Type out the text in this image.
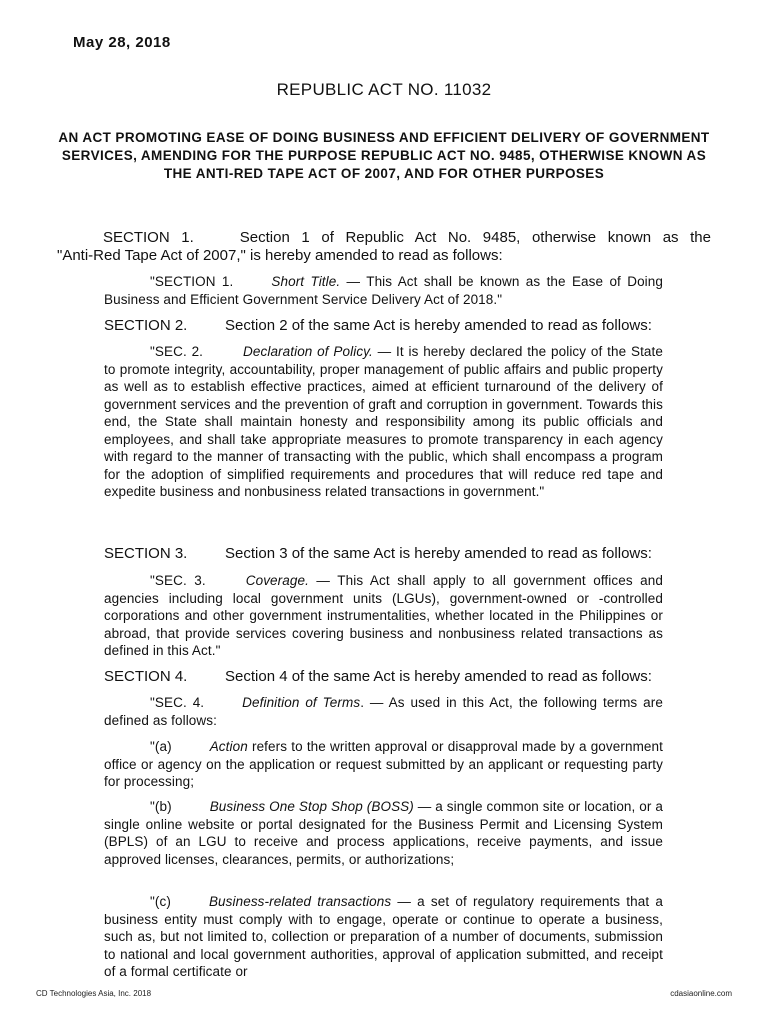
May 28, 2018
REPUBLIC ACT NO. 11032
AN ACT PROMOTING EASE OF DOING BUSINESS AND EFFICIENT DELIVERY OF GOVERNMENT SERVICES, AMENDING FOR THE PURPOSE REPUBLIC ACT NO. 9485, OTHERWISE KNOWN AS THE ANTI-RED TAPE ACT OF 2007, AND FOR OTHER PURPOSES
SECTION 1.	Section 1 of Republic Act No. 9485, otherwise known as the
"Anti-Red Tape Act of 2007," is hereby amended to read as follows:
"SECTION 1.	Short Title. — This Act shall be known as the Ease of Doing Business and Efficient Government Service Delivery Act of 2018."
SECTION 2.	Section 2 of the same Act is hereby amended to read as follows:
"SEC. 2.	Declaration of Policy. — It is hereby declared the policy of the State to promote integrity, accountability, proper management of public affairs and public property as well as to establish effective practices, aimed at efficient turnaround of the delivery of government services and the prevention of graft and corruption in government. Towards this end, the State shall maintain honesty and responsibility among its public officials and employees, and shall take appropriate measures to promote transparency in each agency with regard to the manner of transacting with the public, which shall encompass a program for the adoption of simplified requirements and procedures that will reduce red tape and expedite business and nonbusiness related transactions in government."
SECTION 3.	Section 3 of the same Act is hereby amended to read as follows:
"SEC. 3.	Coverage. — This Act shall apply to all government offices and agencies including local government units (LGUs), government-owned or -controlled corporations and other government instrumentalities, whether located in the Philippines or abroad, that provide services covering business and nonbusiness related transactions as defined in this Act."
SECTION 4.	Section 4 of the same Act is hereby amended to read as follows:
"SEC. 4.	Definition of Terms. — As used in this Act, the following terms are defined as follows:
"(a)	Action refers to the written approval or disapproval made by a government office or agency on the application or request submitted by an applicant or requesting party for processing;
"(b)	Business One Stop Shop (BOSS) — a single common site or location, or a single online website or portal designated for the Business Permit and Licensing System (BPLS) of an LGU to receive and process applications, receive payments, and issue approved licenses, clearances, permits, or authorizations;
"(c)	Business-related transactions — a set of regulatory requirements that a business entity must comply with to engage, operate or continue to operate a business, such as, but not limited to, collection or preparation of a number of documents, submission to national and local government authorities, approval of application submitted, and receipt of a formal certificate or
CD Technologies Asia, Inc. 2018	cdasiaonline.com
